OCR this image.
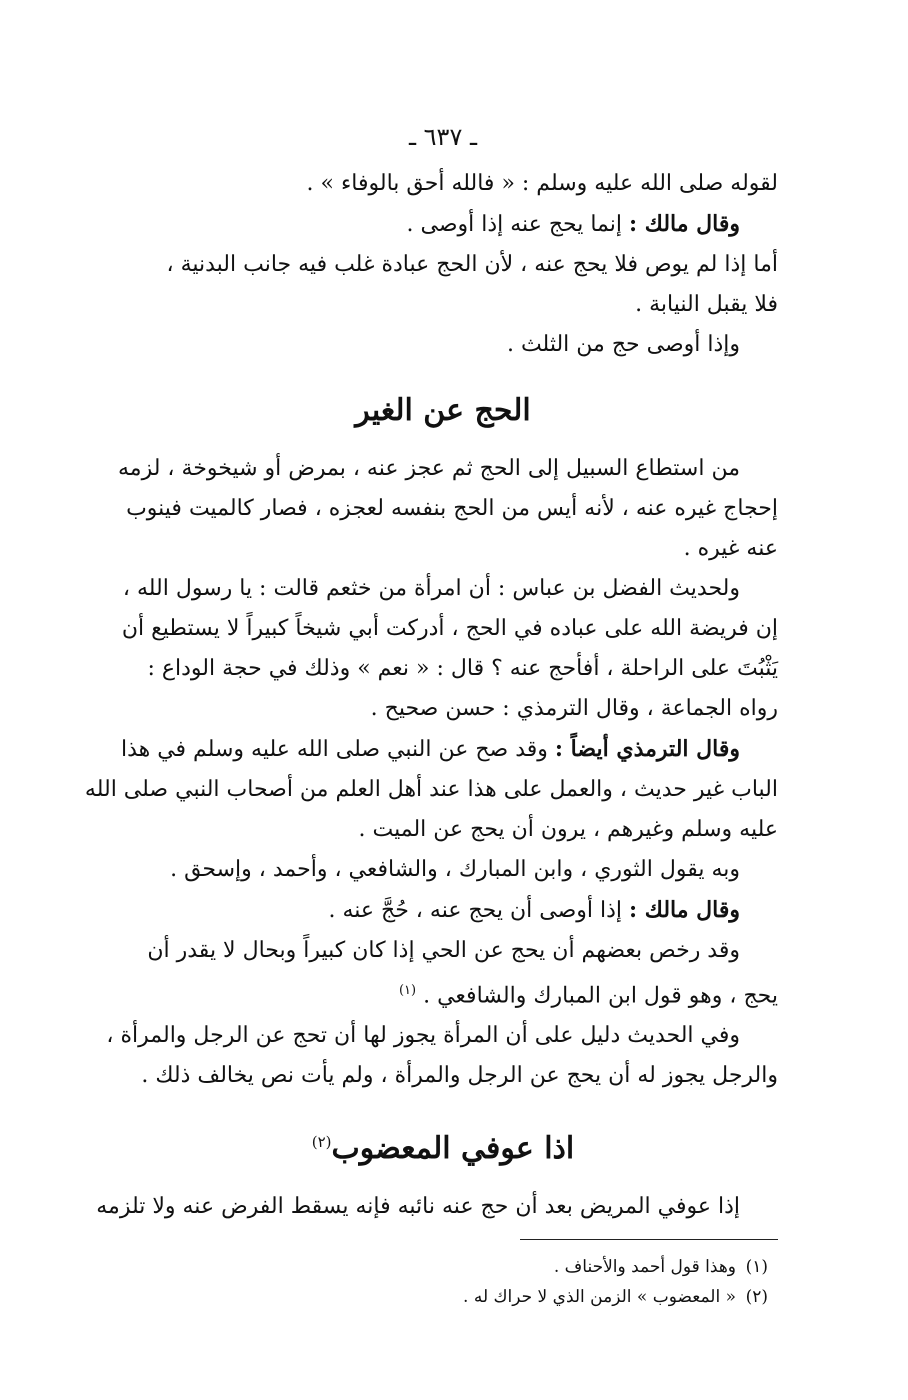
ـ ٦٣٧ ـ
لقوله صلى الله عليه وسلم : « فالله أحق بالوفاء » .
وقال مالك : إنما يحج عنه إذا أوصى .
أما إذا لم يوص فلا يحج عنه ، لأن الحج عبادة غلب فيه جانب البدنية ،
فلا يقبل النيابة .
وإذا أوصى حج من الثلث .
الحج عن الغير
من استطاع السبيل إلى الحج ثم عجز عنه ، بمرض أو شيخوخة ، لزمه
إحجاج غيره عنه ، لأنه أيس من الحج بنفسه لعجزه ، فصار كالميت فينوب
عنه غيره .
ولحديث الفضل بن عباس : أن امرأة من خثعم قالت : يا رسول الله ،
إن فريضة الله على عباده في الحج ، أدركت أبي شيخاً كبيراً لا يستطيع أن
يَثْبُتَ على الراحلة ، أفأحج عنه ؟ قال : « نعم » وذلك في حجة الوداع :
رواه الجماعة ، وقال الترمذي : حسن صحيح .
وقال الترمذي أيضاً : وقد صح عن النبي صلى الله عليه وسلم في هذا
الباب غير حديث ، والعمل على هذا عند أهل العلم من أصحاب النبي صلى الله
عليه وسلم وغيرهم ، يرون أن يحج عن الميت .
وبه يقول الثوري ، وابن المبارك ، والشافعي ، وأحمد ، وإسحق .
وقال مالك : إذا أوصى أن يحج عنه ، حُجَّ عنه .
وقد رخص بعضهم أن يحج عن الحي إذا كان كبيراً وبحال لا يقدر أن
يحج ، وهو قول ابن المبارك والشافعي . $^{(١)}$
وفي الحديث دليل على أن المرأة يجوز لها أن تحج عن الرجل والمرأة ،
والرجل يجوز له أن يحج عن الرجل والمرأة ، ولم يأت نص يخالف ذلك .
اذا عوفي المعضوب$^{(٢)}$
إذا عوفي المريض بعد أن حج عنه نائبه فإنه يسقط الفرض عنه ولا تلزمه
(١)وهذا قول أحمد والأحناف .
(٢)« المعضوب » الزمن الذي لا حراك له .
